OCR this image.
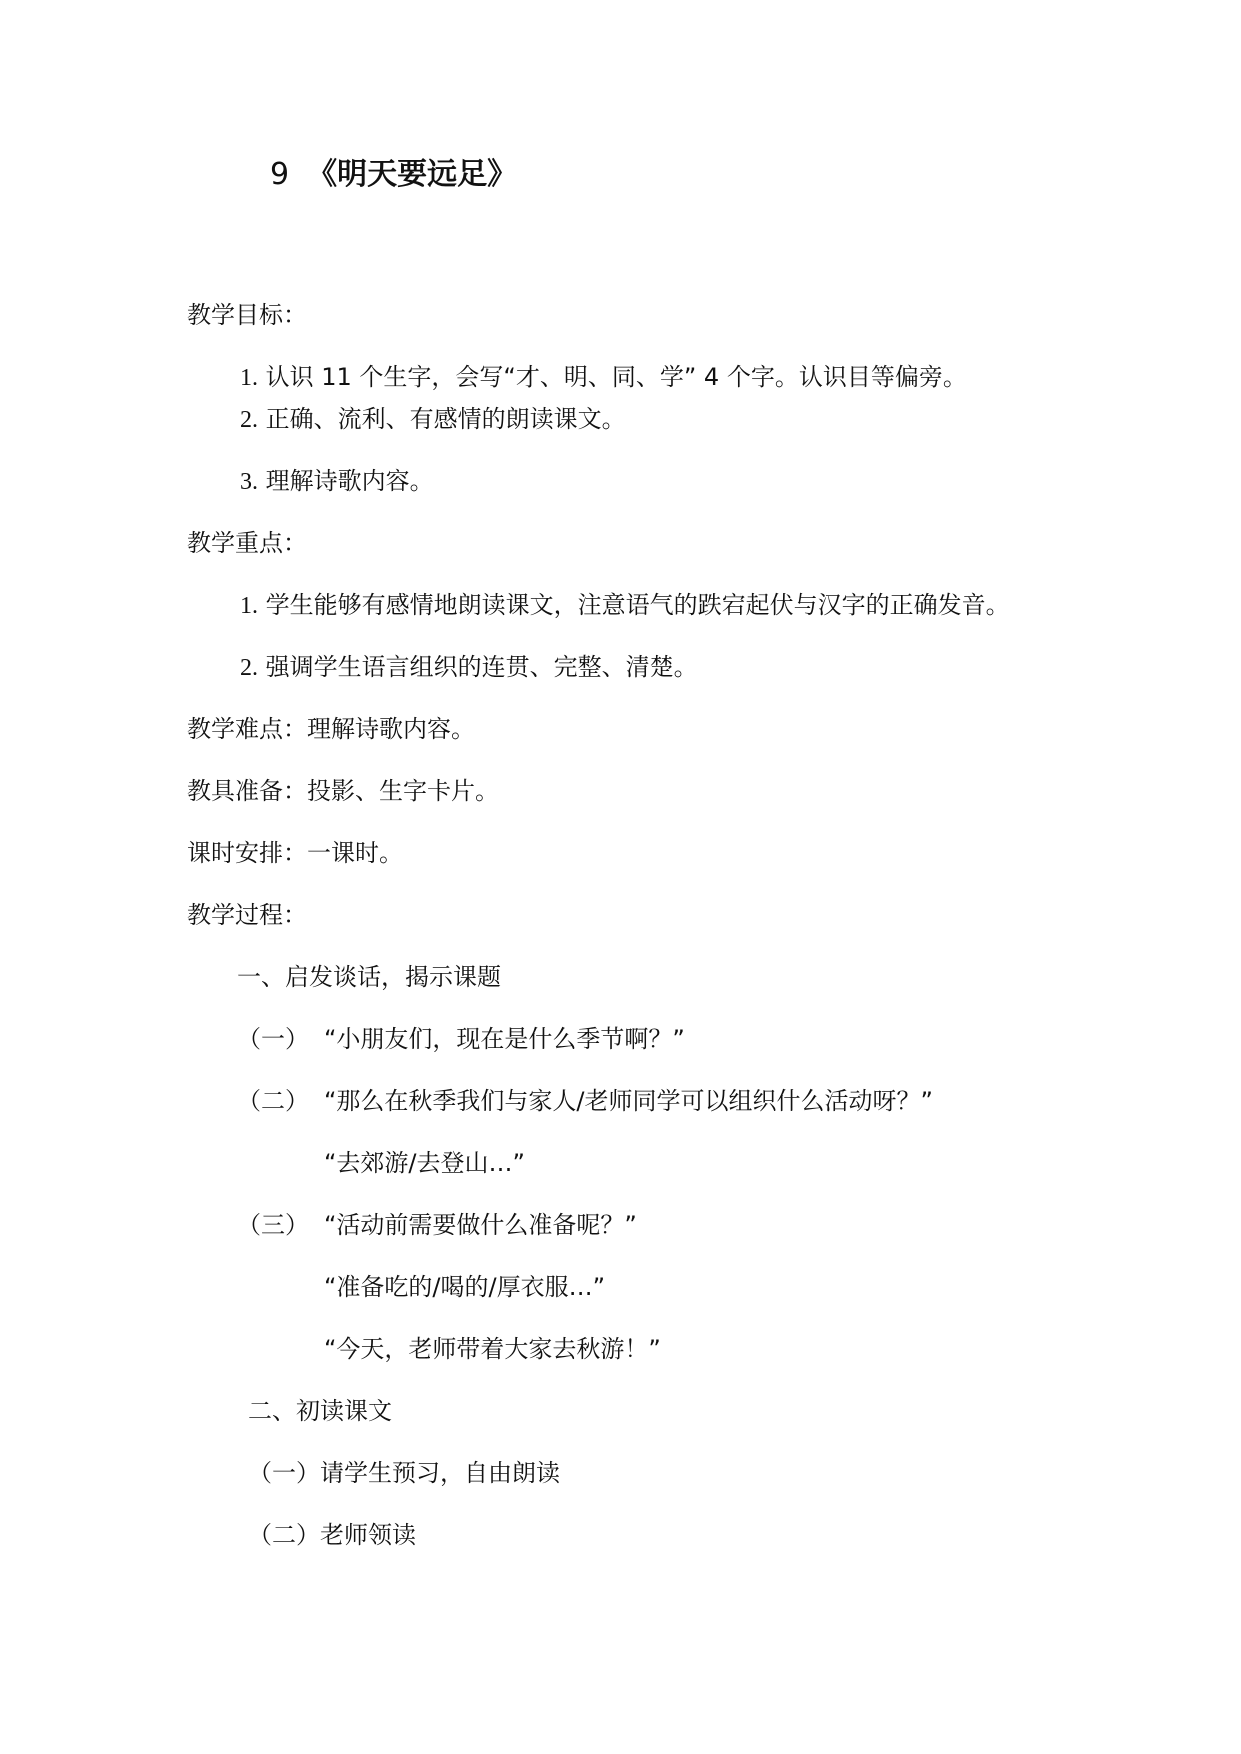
9 《明天要远足》
教学目标：
1. 认识 11 个生字，会写“才、明、同、学” 4 个字。认识目等偏旁。
2. 正确、流利、有感情的朗读课文。
3. 理解诗歌内容。
教学重点：
1. 学生能够有感情地朗读课文，注意语气的跌宕起伏与汉字的正确发音。
2. 强调学生语言组织的连贯、完整、清楚。
教学难点：理解诗歌内容。
教具准备：投影、生字卡片。
课时安排：一课时。
教学过程：
一、启发谈话，揭示课题
（一） “小朋友们，现在是什么季节啊？”
（二） “那么在秋季我们与家人/老师同学可以组织什么活动呀？”
“去郊游/去登山…”
（三） “活动前需要做什么准备呢？”
“准备吃的/喝的/厚衣服…”
“今天，老师带着大家去秋游！”
二、初读课文
（一）请学生预习，自由朗读
（二）老师领读
